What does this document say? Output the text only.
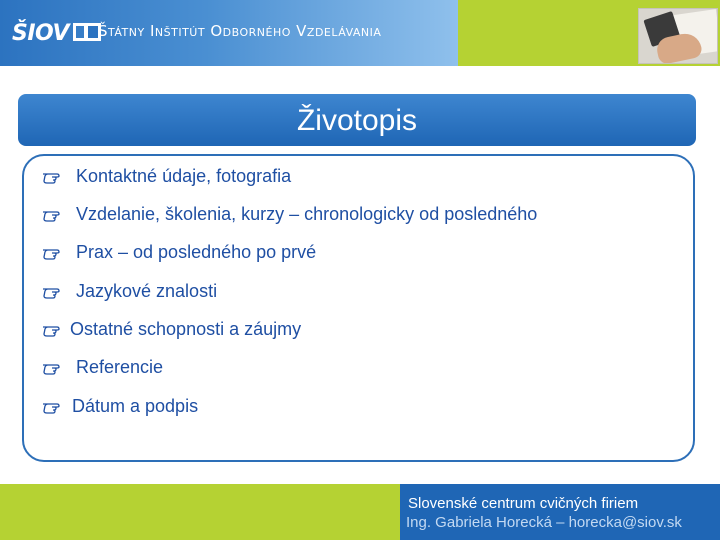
ŠIOV Štátny Inštitút Odborného Vzdelávania
Životopis
Kontaktné údaje, fotografia
Vzdelanie, školenia, kurzy – chronologicky od posledného
Prax – od posledného po prvé
Jazykové znalosti
Ostatné schopnosti a záujmy
Referencie
Dátum a podpis
Slovenské centrum cvičných firiem
Ing. Gabriela Horecká – horecka@siov.sk
